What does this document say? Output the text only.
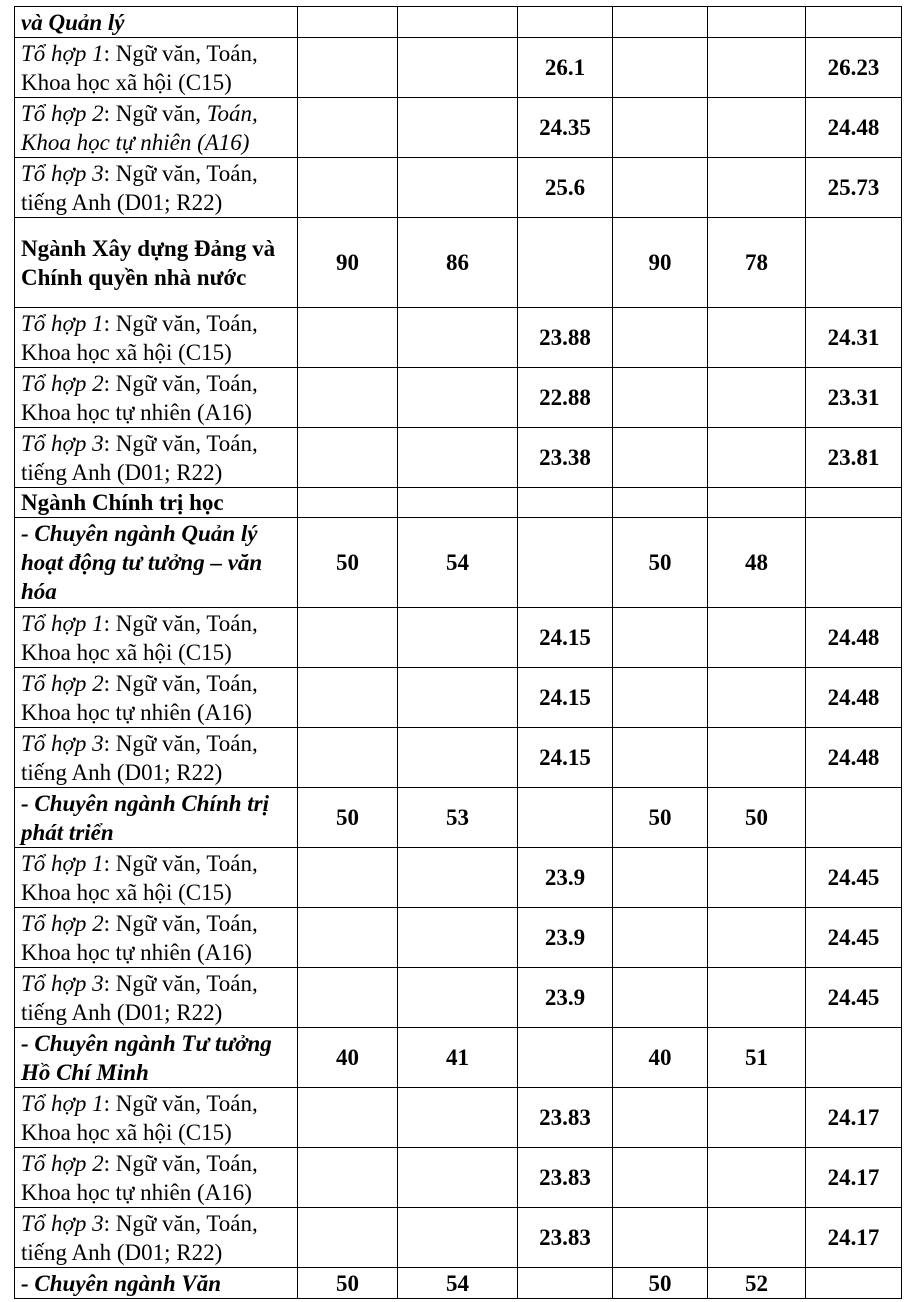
và Quản lý						
Tổ hợp 1: Ngữ văn, Toán, Khoa học xã hội (C15)			26.1			26.23
Tổ hợp 2: Ngữ văn, Toán, Khoa học tự nhiên (A16)			24.35			24.48
Tổ hợp 3: Ngữ văn, Toán, tiếng Anh (D01; R22)			25.6			25.73
Ngành Xây dựng Đảng và Chính quyền nhà nước	90	86		90	78	
Tổ hợp 1: Ngữ văn, Toán, Khoa học xã hội (C15)			23.88			24.31
Tổ hợp 2: Ngữ văn, Toán, Khoa học tự nhiên (A16)			22.88			23.31
Tổ hợp 3: Ngữ văn, Toán, tiếng Anh (D01; R22)			23.38			23.81
Ngành Chính trị học						
- Chuyên ngành Quản lý hoạt động tư tưởng – văn hóa	50	54		50	48	
Tổ hợp 1: Ngữ văn, Toán, Khoa học xã hội (C15)			24.15			24.48
Tổ hợp 2: Ngữ văn, Toán, Khoa học tự nhiên (A16)			24.15			24.48
Tổ hợp 3: Ngữ văn, Toán, tiếng Anh (D01; R22)			24.15			24.48
- Chuyên ngành Chính trị phát triển	50	53		50	50	
Tổ hợp 1: Ngữ văn, Toán, Khoa học xã hội (C15)			23.9			24.45
Tổ hợp 2: Ngữ văn, Toán, Khoa học tự nhiên (A16)			23.9			24.45
Tổ hợp 3: Ngữ văn, Toán, tiếng Anh (D01; R22)			23.9			24.45
- Chuyên ngành Tư tưởng Hồ Chí Minh	40	41		40	51	
Tổ hợp 1: Ngữ văn, Toán, Khoa học xã hội (C15)			23.83			24.17
Tổ hợp 2: Ngữ văn, Toán, Khoa học tự nhiên (A16)			23.83			24.17
Tổ hợp 3: Ngữ văn, Toán, tiếng Anh (D01; R22)			23.83			24.17
- Chuyên ngành Văn	50	54		50	52	
